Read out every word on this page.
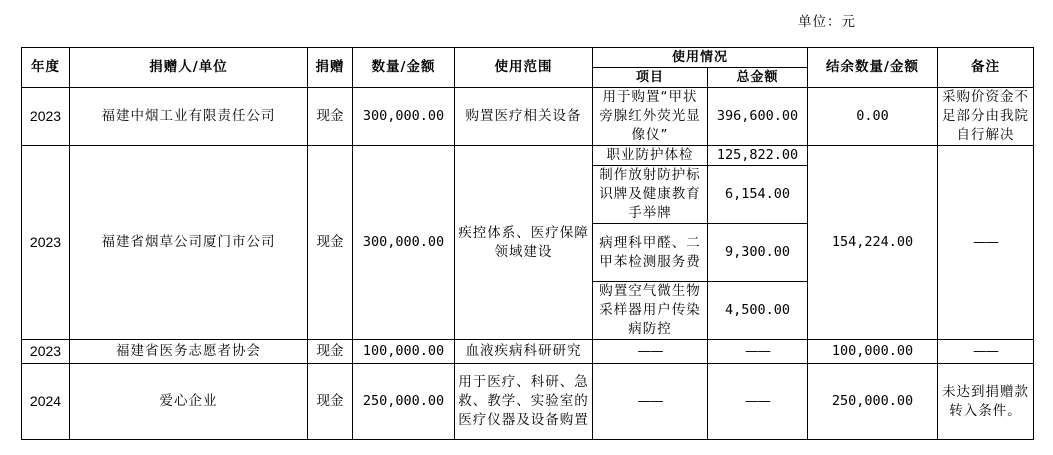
单位：元
年度	捐赠人/单位	捐赠	数量/金额	使用范围	使用情况		结余数量/金额	备注
					项目	总金额		
2023	福建中烟工业有限责任公司	现金	300,000.00	购置医疗相关设备	用于购置“甲状旁腺红外荧光显像仪”	396,600.00	0.00	采购价资金不足部分由我院自行解决
2023	福建省烟草公司厦门市公司	现金	300,000.00	疾控体系、医疗保障领域建设	职业防护体检	125,822.00	154,224.00	——
					制作放射防护标识牌及健康教育手举牌	6,154.00		
					病理科甲醛、二甲苯检测服务费	9,300.00		
					购置空气微生物采样器用户传染病防控	4,500.00		
2023	福建省医务志愿者协会	现金	100,000.00	血液疾病科研研究	——	——	100,000.00	——
2024	爱心企业	现金	250,000.00	用于医疗、科研、急救、教学、实验室的医疗仪器及设备购置	——	——	250,000.00	未达到捐赠款转入条件。
